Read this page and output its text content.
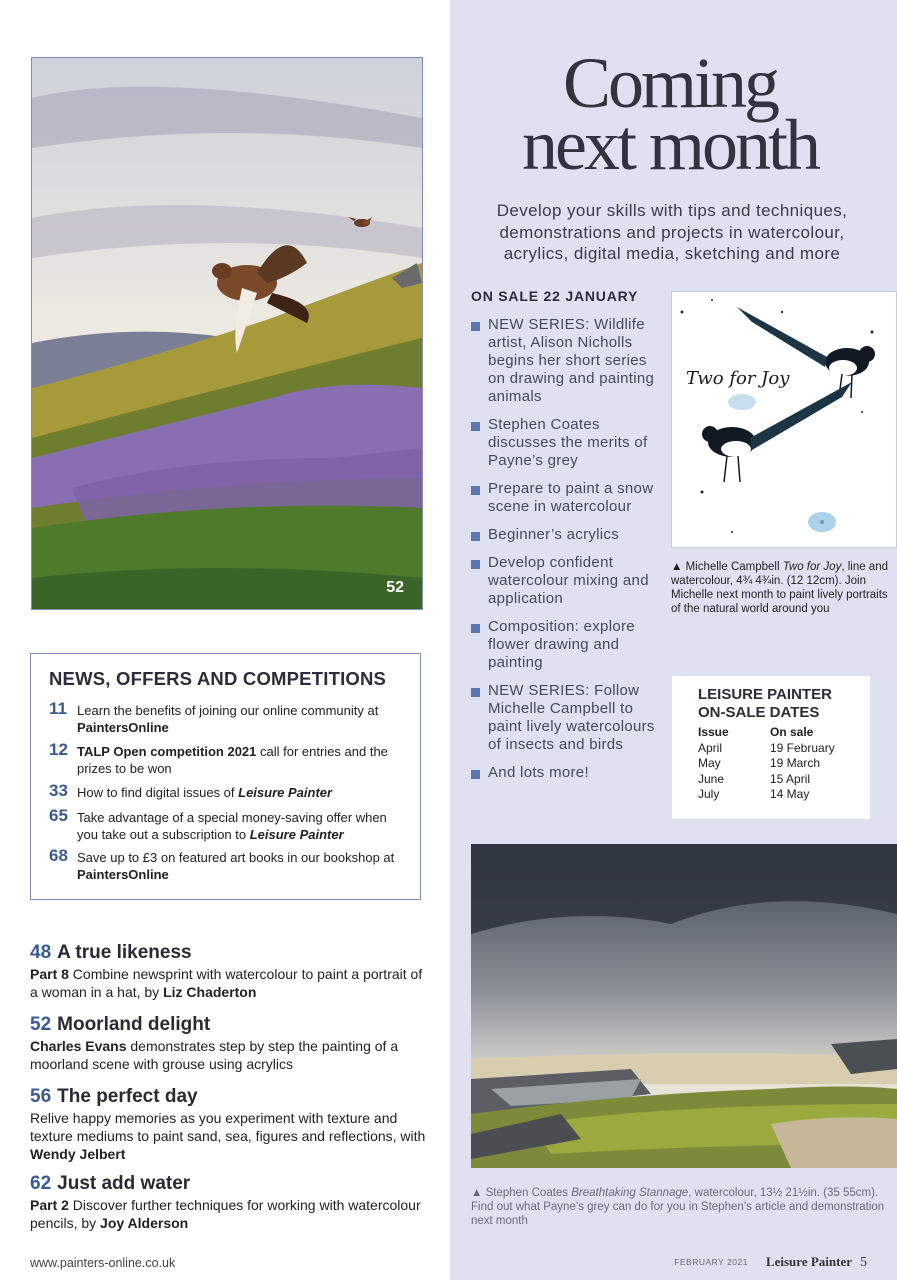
52
NEWS, OFFERS AND COMPETITIONS
11 Learn the benefits of joining our online community at PaintersOnline
12 TALP Open competition 2021 call for entries and the prizes to be won
33 How to find digital issues of Leisure Painter
65 Take advantage of a special money-saving offer when you take out a subscription to Leisure Painter
68 Save up to £3 on featured art books in our bookshop at PaintersOnline
48 A true likeness
Part 8 Combine newsprint with watercolour to paint a portrait of a woman in a hat, by Liz Chaderton
52 Moorland delight
Charles Evans demonstrates step by step the painting of a moorland scene with grouse using acrylics
56 The perfect day
Relive happy memories as you experiment with texture and texture mediums to paint sand, sea, figures and reflections, with Wendy Jelbert
62 Just add water
Part 2 Discover further techniques for working with watercolour pencils, by Joy Alderson
www.painters-online.co.uk
Coming
next month
Develop your skills with tips and techniques, demonstrations and projects in watercolour, acrylics, digital media, sketching and more
ON SALE 22 JANUARY
NEW SERIES: Wildlife artist, Alison Nicholls begins her short series on drawing and painting animals
Stephen Coates discusses the merits of Payne’s grey
Prepare to paint a snow scene in watercolour
Beginner’s acrylics
Develop confident watercolour mixing and application
Composition: explore flower drawing and painting
NEW SERIES: Follow Michelle Campbell to paint lively watercolours of insects and birds
And lots more!
Two for Joy
▲ Michelle Campbell Two for Joy, line and watercolour, 4¾ 4¾in. (12 12cm). Join Michelle next month to paint lively portraits of the natural world around you
LEISURE PAINTER
ON-SALE DATES
Issue	On sale
April	19 February
May	19 March
June	15 April
July	14 May
▲ Stephen Coates Breathtaking Stannage, watercolour, 13½ 21½in. (35 55cm). Find out what Payne’s grey can do for you in Stephen’s article and demonstration next month
FEBRUARY 2021 Leisure Painter 5
